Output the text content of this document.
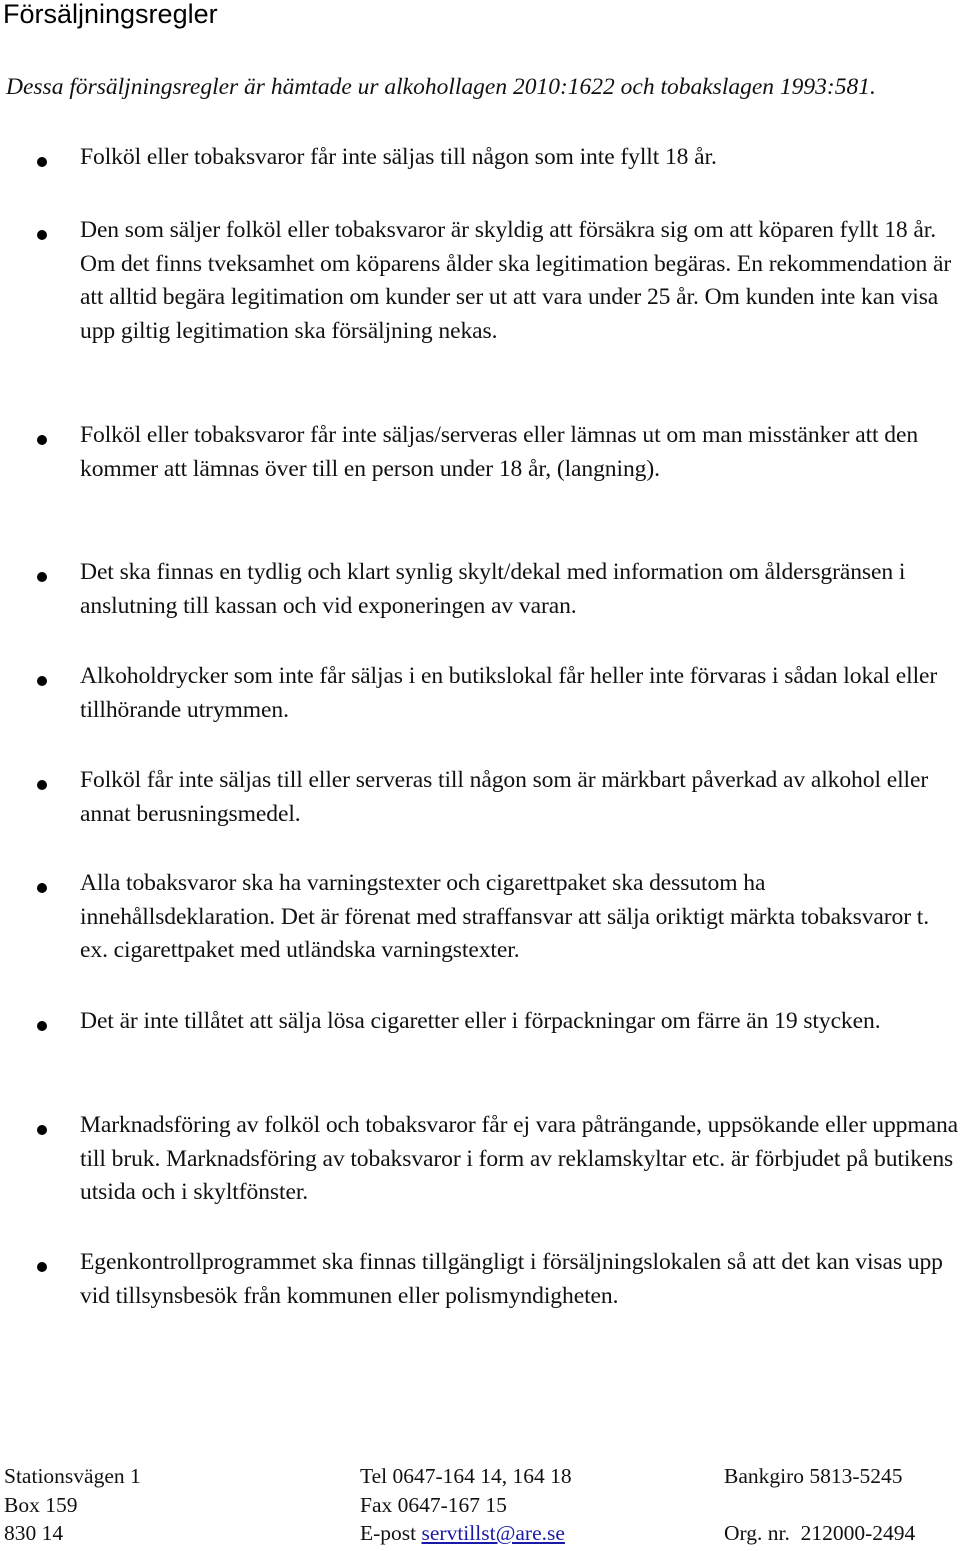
Försäljningsregler
Dessa försäljningsregler är hämtade ur alkohollagen 2010:1622 och tobakslagen 1993:581.
Folköl eller tobaksvaror får inte säljas till någon som inte fyllt 18 år.
Den som säljer folköl eller tobaksvaror är skyldig att försäkra sig om att köparen fyllt 18 år. Om det finns tveksamhet om köparens ålder ska legitimation begäras. En rekommendation är att alltid begära legitimation om kunder ser ut att vara under 25 år. Om kunden inte kan visa upp giltig legitimation ska försäljning nekas.
Folköl eller tobaksvaror får inte säljas/serveras eller lämnas ut om man misstänker att den kommer att lämnas över till en person under 18 år, (langning).
Det ska finnas en tydlig och klart synlig skylt/dekal med information om åldersgränsen i anslutning till kassan och vid exponeringen av varan.
Alkoholdrycker som inte får säljas i en butikslokal får heller inte förvaras i sådan lokal eller tillhörande utrymmen.
Folköl får inte säljas till eller serveras till någon som är märkbart påverkad av alkohol eller annat berusningsmedel.
Alla tobaksvaror ska ha varningstexter och cigarettpaket ska dessutom ha innehållsdeklaration. Det är förenat med straffansvar att sälja oriktigt märkta tobaksvaror t. ex. cigarettpaket med utländska varningstexter.
Det är inte tillåtet att sälja lösa cigaretter eller i förpackningar om färre än 19 stycken.
Marknadsföring av folköl och tobaksvaror får ej vara påträngande, uppsökande eller uppmana till bruk. Marknadsföring av tobaksvaror i form av reklamskyltar etc. är förbjudet på butikens utsida och i skyltfönster.
Egenkontrollprogrammet ska finnas tillgängligt i försäljningslokalen så att det kan visas upp vid tillsynsbesök från kommunen eller polismyndigheten.
Stationsvägen 1
Box 159
830 14
Tel 0647-164 14, 164 18
Fax 0647-167 15
E-post servtillst@are.se
Bankgiro 5813-5245
Org. nr.  212000-2494
